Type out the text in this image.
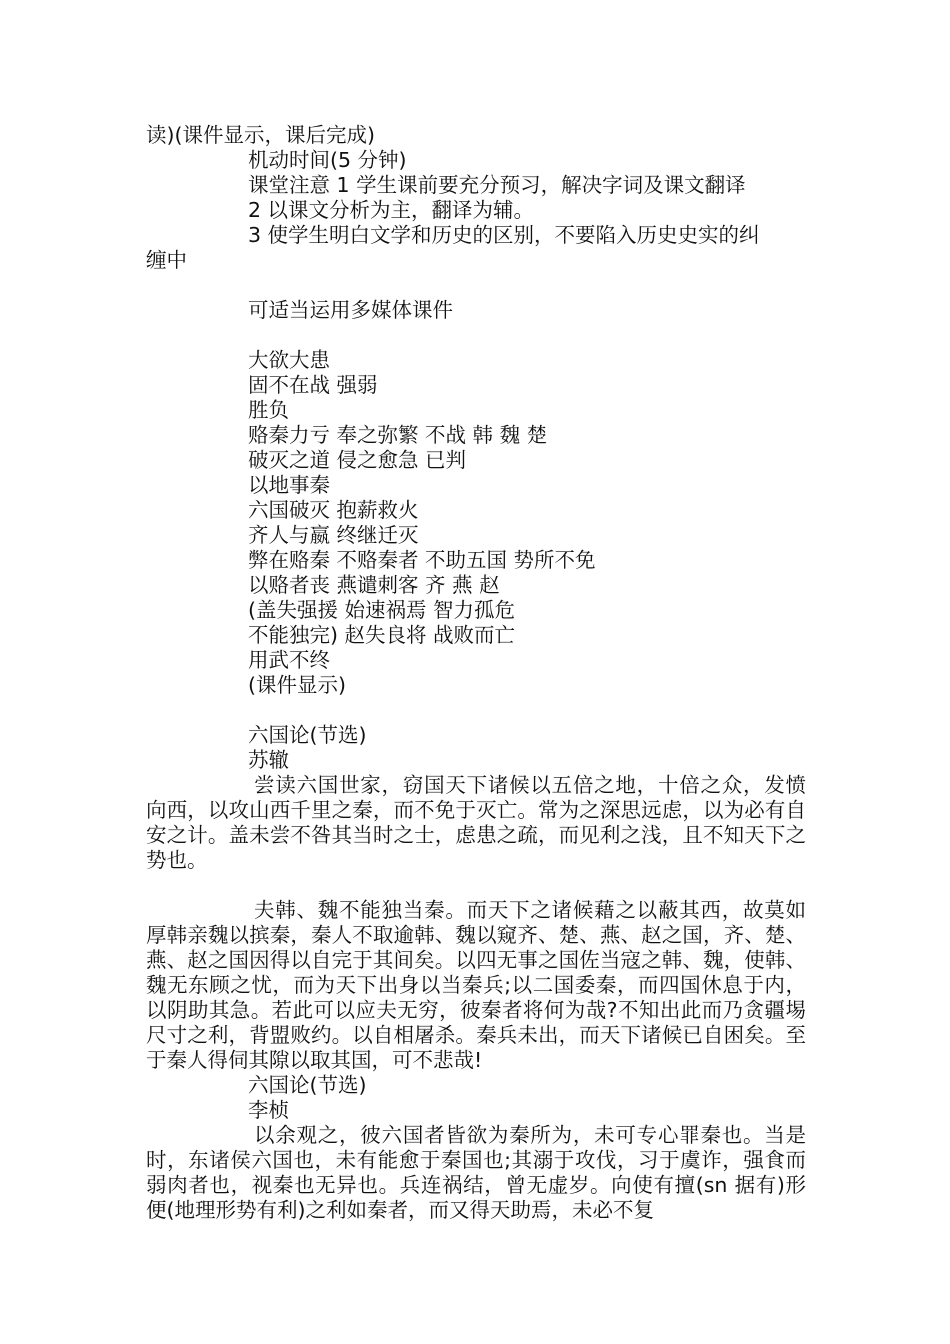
读)(课件显示，课后完成)
机动时间(5 分钟)
课堂注意 1 学生课前要充分预习，解决字词及课文翻译
2 以课文分析为主，翻译为辅。
3 使学生明白文学和历史的区别，不要陷入历史史实的纠
缠中
可适当运用多媒体课件
大欲大患
固不在战 强弱
胜负
赂秦力亏 奉之弥繁 不战 韩 魏 楚
破灭之道 侵之愈急 已判
以地事秦
六国破灭 抱薪救火
齐人与嬴 终继迁灭
弊在赂秦 不赂秦者 不助五国 势所不免
以赂者丧 燕谴刺客 齐 燕 赵
(盖失强援 始速祸焉 智力孤危
不能独完) 赵失良将 战败而亡
用武不终
(课件显示)
六国论(节选)
苏辙
尝读六国世家，窃国天下诸候以五倍之地，十倍之众，发愤向西，以攻山西千里之秦，而不免于灭亡。常为之深思远虑，以为必有自安之计。盖未尝不咎其当时之士，虑患之疏，而见利之浅，且不知天下之势也。
夫韩、魏不能独当秦。而天下之诸候藉之以蔽其西，故莫如厚韩亲魏以摈秦，秦人不取逾韩、魏以窥齐、楚、燕、赵之国，齐、楚、燕、赵之国因得以自完于其间矣。以四无事之国佐当寇之韩、魏，使韩、魏无东顾之忧，而为天下出身以当秦兵;以二国委秦，而四国休息于内，以阴助其急。若此可以应夫无穷，彼秦者将何为哉?不知出此而乃贪疆埸尺寸之利，背盟败约。以自相屠杀。秦兵未出，而天下诸候已自困矣。至于秦人得伺其隙以取其国，可不悲哉!
六国论(节选)
李桢
以余观之，彼六国者皆欲为秦所为，未可专心罪秦也。当是时，东诸侯六国也，未有能愈于秦国也;其溺于攻伐，习于虞诈，强食而弱肉者也，视秦也无异也。兵连祸结，曾无虚岁。向使有擅(sn 据有)形便(地理形势有利)之利如秦者，而又得天助焉，未必不复
